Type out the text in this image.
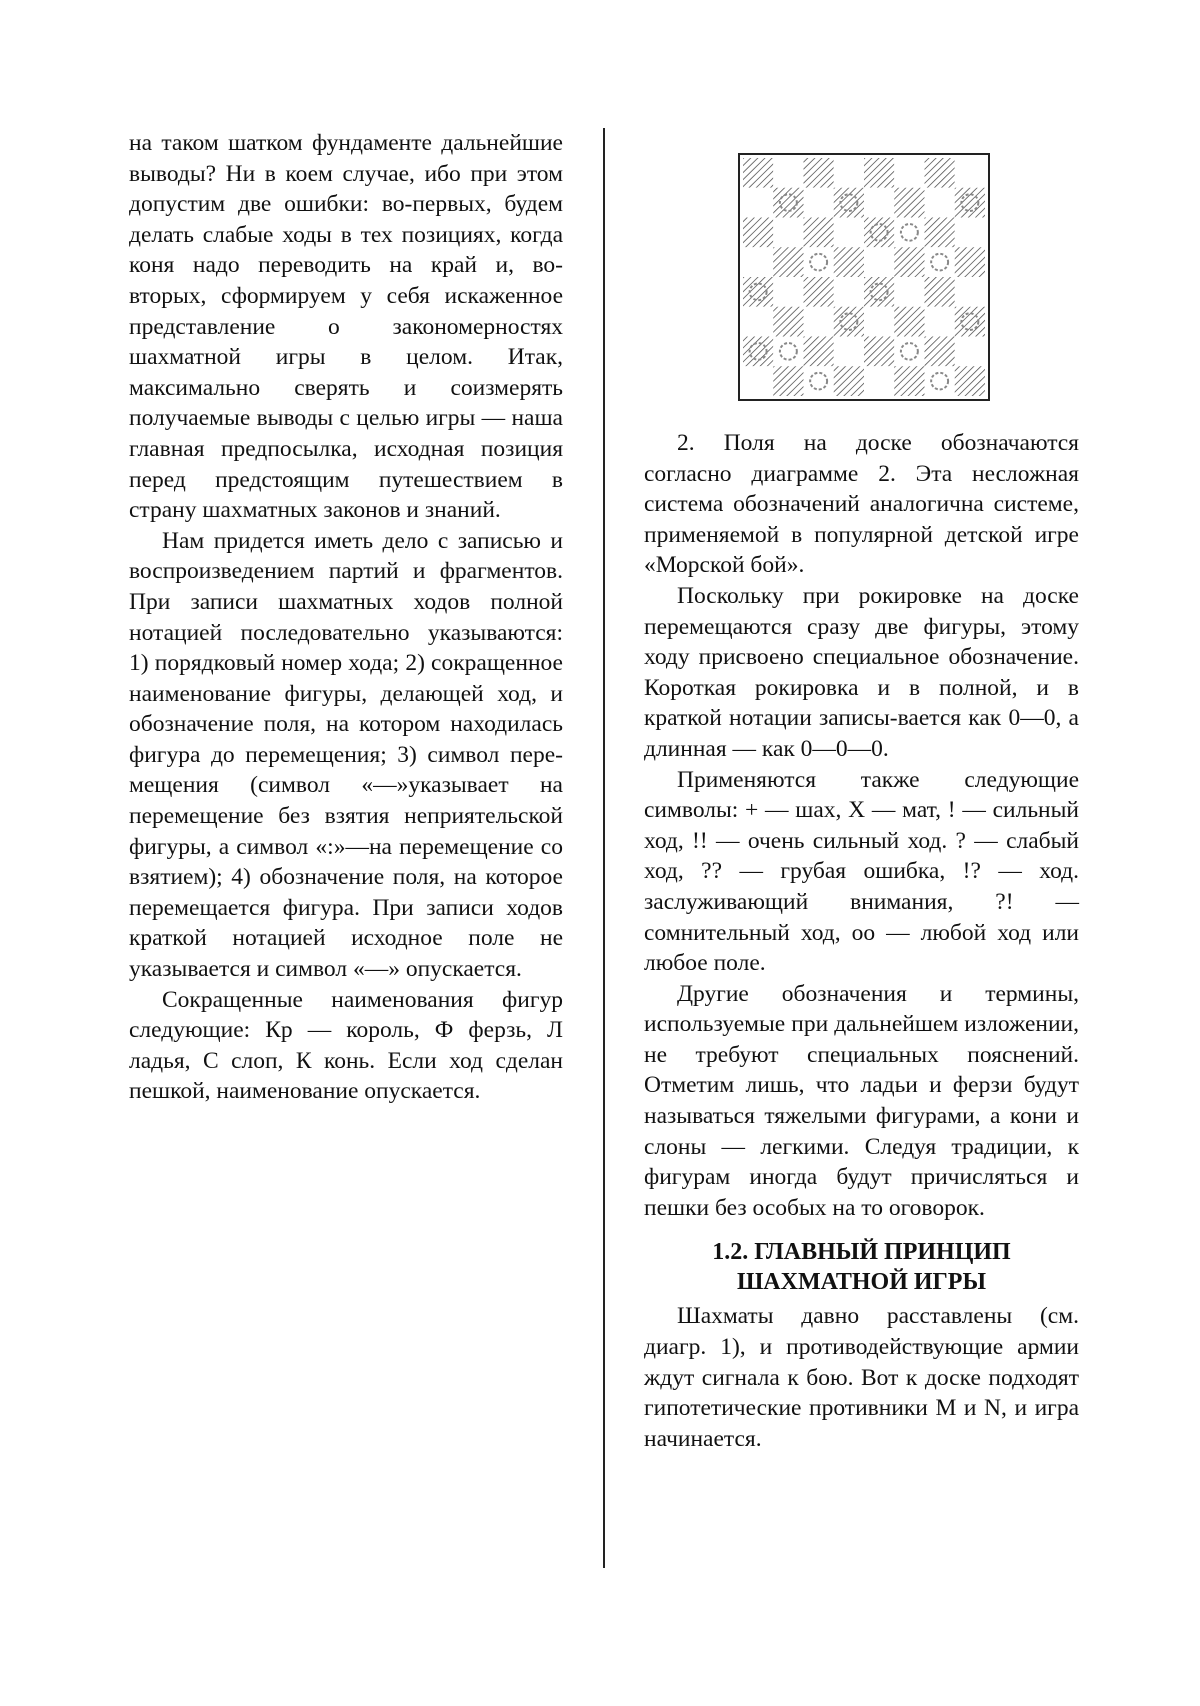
на таком шатком фундаменте дальнейшие выводы? Ни в коем случае, ибо при этом допустим две ошибки: во-первых, будем делать слабые ходы в тех позициях, когда коня надо переводить на край и, во-вторых, сформируем у себя искаженное представление о закономерностях шахматной игры в целом. Итак, максимально сверять и соизмерять получаемые выводы с целью игры — наша главная предпосылка, исходная позиция перед предстоящим путешествием в страну шахматных законов и знаний.

Нам придется иметь дело с записью и воспроизведением партий и фрагментов. При записи шахматных ходов полной нотацией последовательно указываются: 1) порядковый номер хода; 2) сокращенное наименование фигуры, делающей ход, и обозначение поля, на котором находилась фигура до перемещения; 3) символ пере-мещения (символ «—»указывает на перемещение без взятия неприятельской фигуры, а символ «:»—на перемещение со взятием); 4) обозначение поля, на которое перемещается фигура. При записи ходов краткой нотацией исходное поле не указывается и символ «—» опускается.

Сокращенные наименования фигур следующие: Кр — король, Ф ферзь, Л ладья, С слоп, К конь. Если ход сделан пешкой, наименование опускается.

2. Поля на доске обозначаются согласно диаграмме 2. Эта несложная система обозначений аналогична системе, применяемой в популярной детской игре «Морской бой».

Поскольку при рокировке на доске перемещаются сразу две фигуры, этому ходу присвоено специальное обозначение. Короткая рокировка и в полной, и в краткой нотации записы-вается как 0—0, а длинная — как 0—0—0.

Применяются также следующие символы: + — шах, X — мат, ! — сильный ход, !! — очень сильный ход. ? — слабый ход, ?? — грубая ошибка, !? — ход. заслуживающий внимания, ?! — сомнительный ход, оо — любой ход или любое поле.

Другие обозначения и термины, используемые при дальнейшем изложении, не требуют специальных пояснений. Отметим лишь, что ладьи и ферзи будут называться тяжелыми фигурами, а кони и слоны — легкими. Следуя традиции, к фигурам иногда будут причисляться и пешки без особых на то оговорок.

1.2. ГЛАВНЫЙ ПРИНЦИП
ШАХМАТНОЙ ИГРЫ

Шахматы давно расставлены (см. диагр. 1), и противодействующие армии ждут сигнала к бою. Вот к доске подходят гипотетические противники М и N, и игра начинается.
